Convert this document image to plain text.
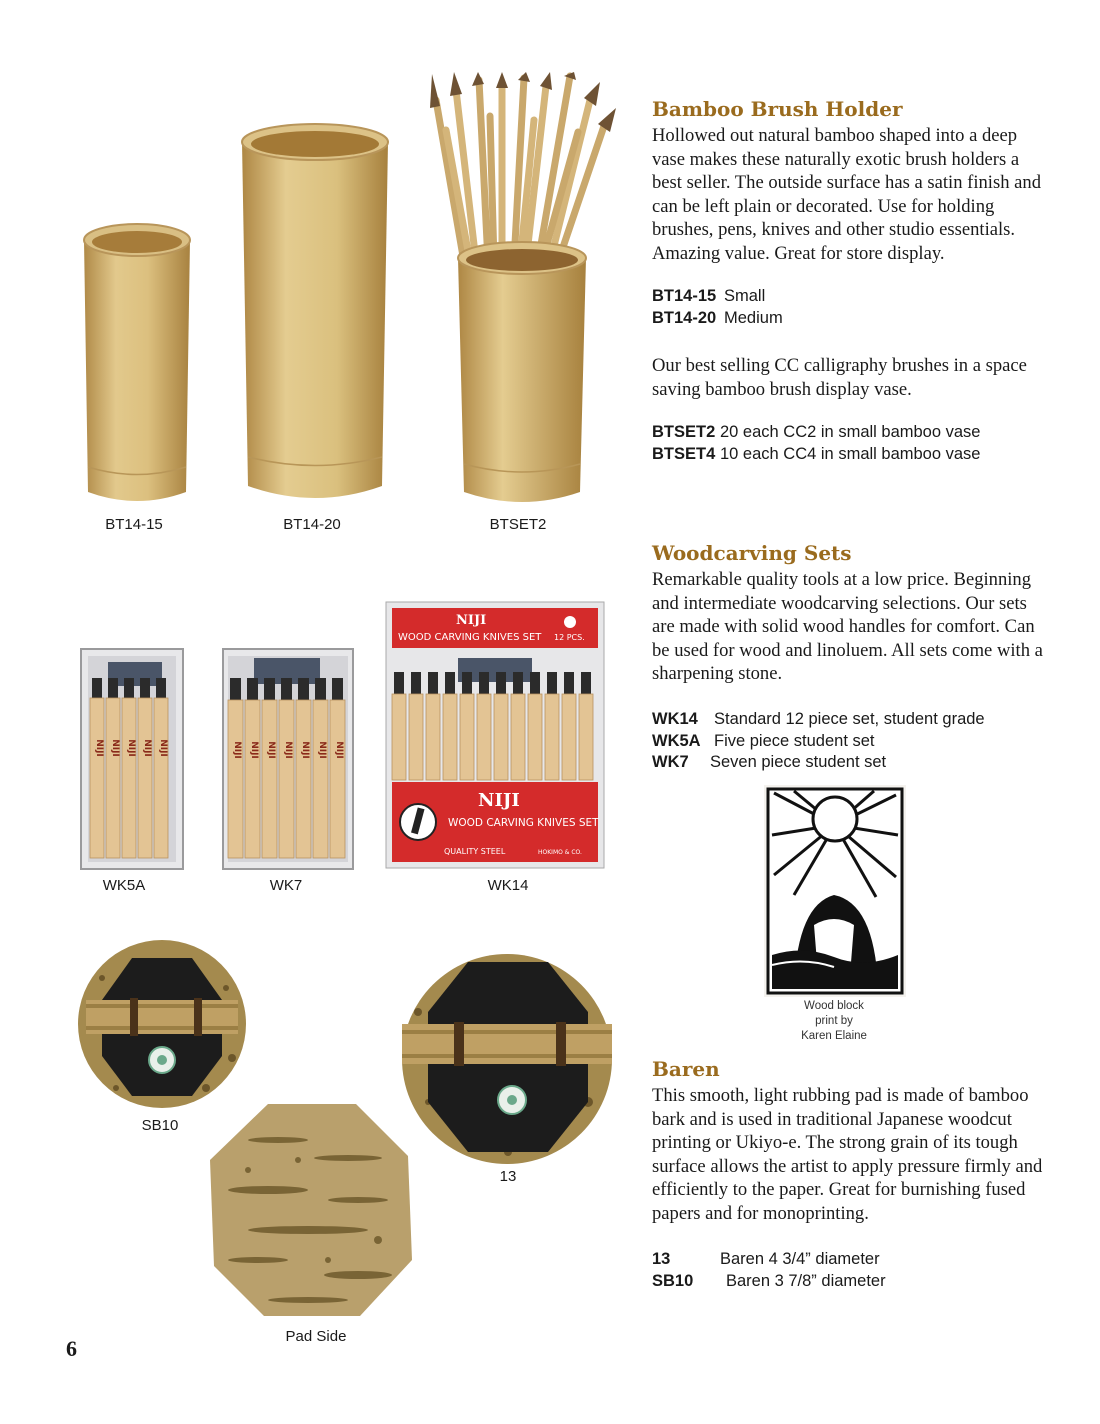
BT14-15	BT14-20	BTSET2
NIJI NIJI NIJI NIJI NIJI	NIJI NIJI NIJI NIJI NIJI NIJI NIJI
NIJI
WOOD CARVING KNIVES SET 12 PCS.
NIJI
WOOD CARVING KNIVES SET
QUALITY STEEL	HOKIMO & CO.
WK5A	WK7	WK14
SB10
13
Pad Side
Wood block
print by
Karen Elaine
Bamboo Brush Holder

Hollowed out natural bamboo shaped into a deep vase makes these naturally exotic brush holders a best seller. The outside surface has a satin finish and can be left plain or decorated. Use for holding brushes, pens, knives and other studio essentials. Amazing value. Great for store display.

BT14-15 Small
BT14-20 Medium

Our best selling CC calligraphy brushes in a space saving bamboo brush display vase.

BTSET2 20 each CC2 in small bamboo vase
BTSET4 10 each CC4 in small bamboo vase
Woodcarving Sets

Remarkable quality tools at a low price. Beginning and intermediate woodcarving selections. Our sets are made with solid wood handles for comfort. Can be used for wood and linoluem. All sets come with a sharpening stone.

WK14 Standard 12 piece set, student grade
WK5A Five piece student set
WK7 Seven piece student set
Baren

This smooth, light rubbing pad is made of bamboo bark and is used in traditional Japanese woodcut printing or Ukiyo-e. The strong grain of its tough surface allows the artist to apply pressure firmly and efficiently to the paper. Great for burnishing fused papers and for monoprinting.

13	Baren 4 3/4” diameter
SB10 Baren 3 7/8” diameter
6
